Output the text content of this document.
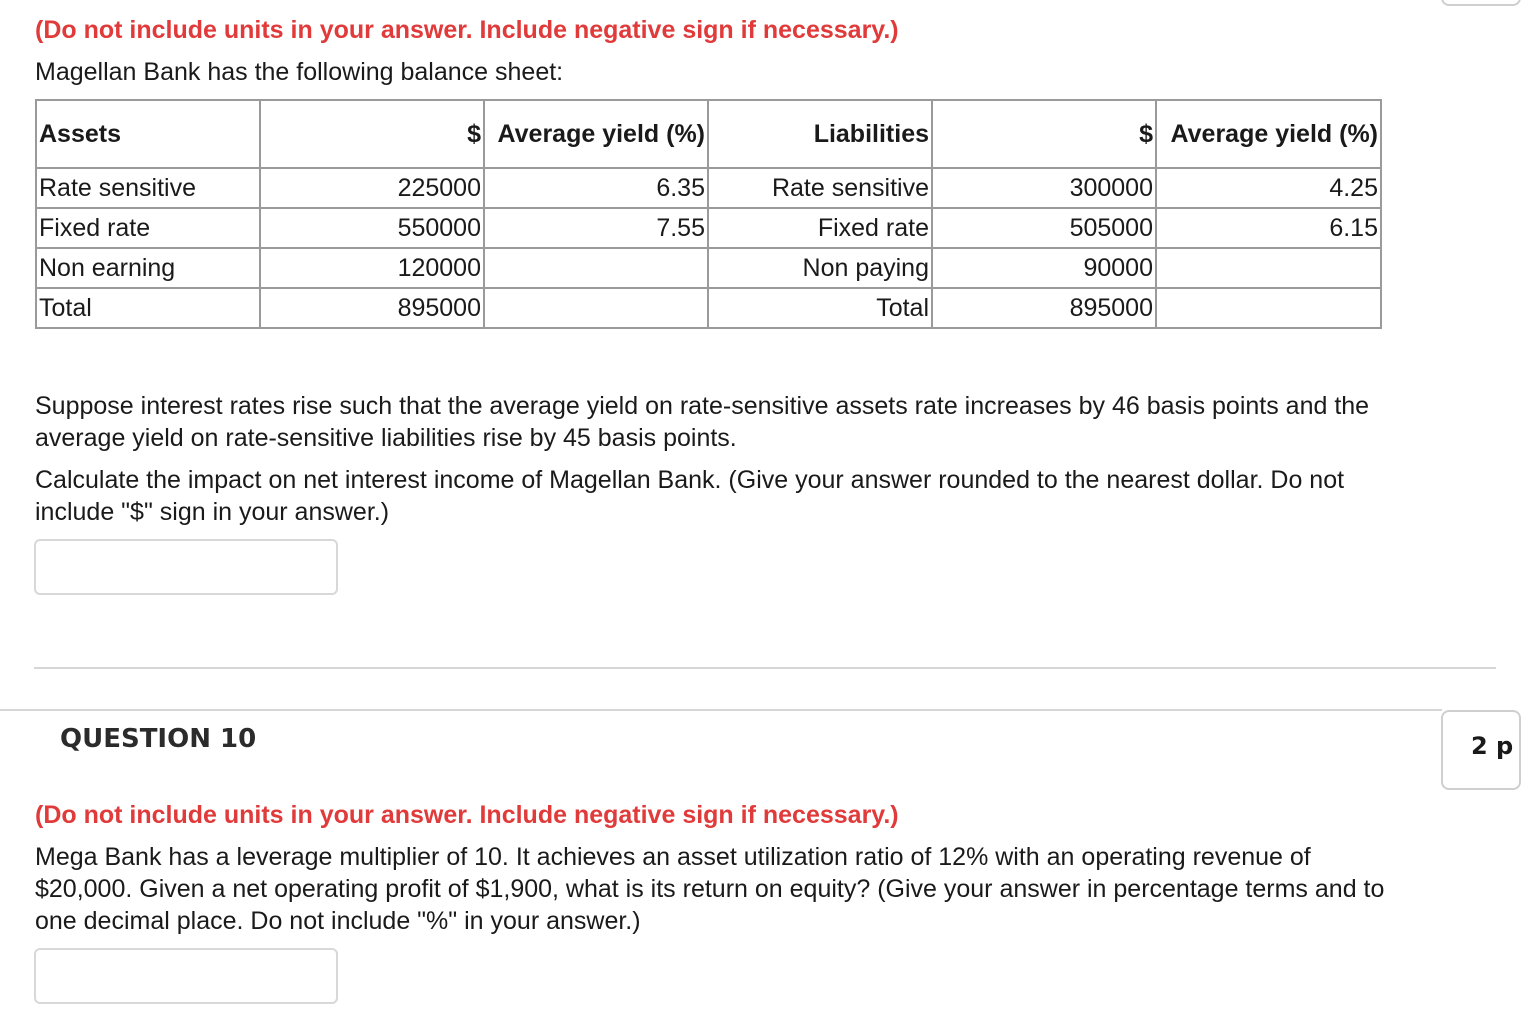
(Do not include units in your answer. Include negative sign if necessary.)
Magellan Bank has the following balance sheet:
Assets	$	Average yield (%)	Liabilities	$	Average yield (%)
Rate sensitive	225000	6.35	Rate sensitive	300000	4.25
Fixed rate	550000	7.55	Fixed rate	505000	6.15
Non earning	120000		Non paying	90000	
Total	895000		Total	895000	
Suppose interest rates rise such that the average yield on rate-sensitive assets rate increases by 46 basis points and the average yield on rate-sensitive liabilities rise by 45 basis points.
Calculate the impact on net interest income of Magellan Bank. (Give your answer rounded to the nearest dollar. Do not include "$" sign in your answer.)
QUESTION 10	2 p
(Do not include units in your answer. Include negative sign if necessary.)
Mega Bank has a leverage multiplier of 10. It achieves an asset utilization ratio of 12% with an operating revenue of $20,000. Given a net operating profit of $1,900, what is its return on equity? (Give your answer in percentage terms and to one decimal place. Do not include "%" in your answer.)
